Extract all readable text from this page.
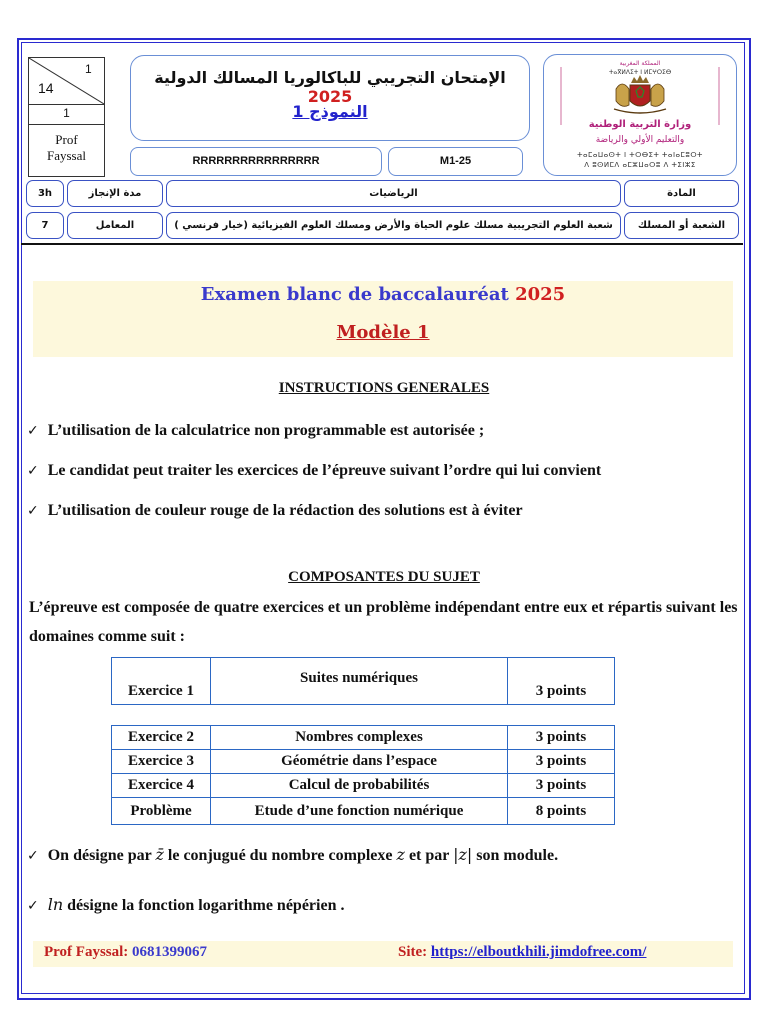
14
1
1
Prof
Fayssal
الإمتحان التجريبي للباكالوريا المسالك الدولية 2025
النموذج 1
RRRRRRRRRRRRRRRR	M1-25
المملكة المغربية
ⵜⴰⴳⵍⴷⵉⵜ ⵏ ⵍⵎⵖⵔⵉⴱ
وزارة التربية الوطنية
والتعليم الأولي والرياضة
ⵜⴰⵎⴰⵡⴰⵙⵜ ⵏ ⵜⵔⴱⵉⵜ ⵜⴰⵏⴰⵎⵓⵔⵜ
ⴷ ⵓⵙⵍⵎⴷ ⴰⵎⵣⵡⴰⵔⵓ ⴷ ⵜⵉⵏⵣⵉ
3h	مدة الإنجاز	الرياضيات	المادة
7	المعامل	شعبة العلوم التجريبية مسلك علوم الحياة والأرض ومسلك العلوم الفيزيائية (خيار فرنسي )	الشعبة أو المسلك
Examen blanc de baccalauréat 2025
Modèle 1
INSTRUCTIONS GENERALES
✓ L’utilisation de la calculatrice non programmable est autorisée ;
✓ Le candidat peut traiter les exercices de l’épreuve suivant l’ordre qui lui convient
✓ L’utilisation de couleur rouge de la rédaction des solutions est à éviter
COMPOSANTES DU SUJET
L’épreuve est composée de quatre exercices et un problème indépendant entre eux et répartis suivant les domaines comme suit :
Exercice 1	Suites numériques	3 points
Exercice 2	Nombres complexes	3 points
Exercice 3	Géométrie dans l’espace	3 points
Exercice 4	Calcul de probabilités	3 points
Problème	Etude d’une fonction numérique	8 points
✓ On désigne par z̄ le conjugué du nombre complexe z et par |z| son module.
✓ ln désigne la fonction logarithme népérien .
Prof Fayssal: 0681399067	Site: https://elboutkhili.jimdofree.com/
